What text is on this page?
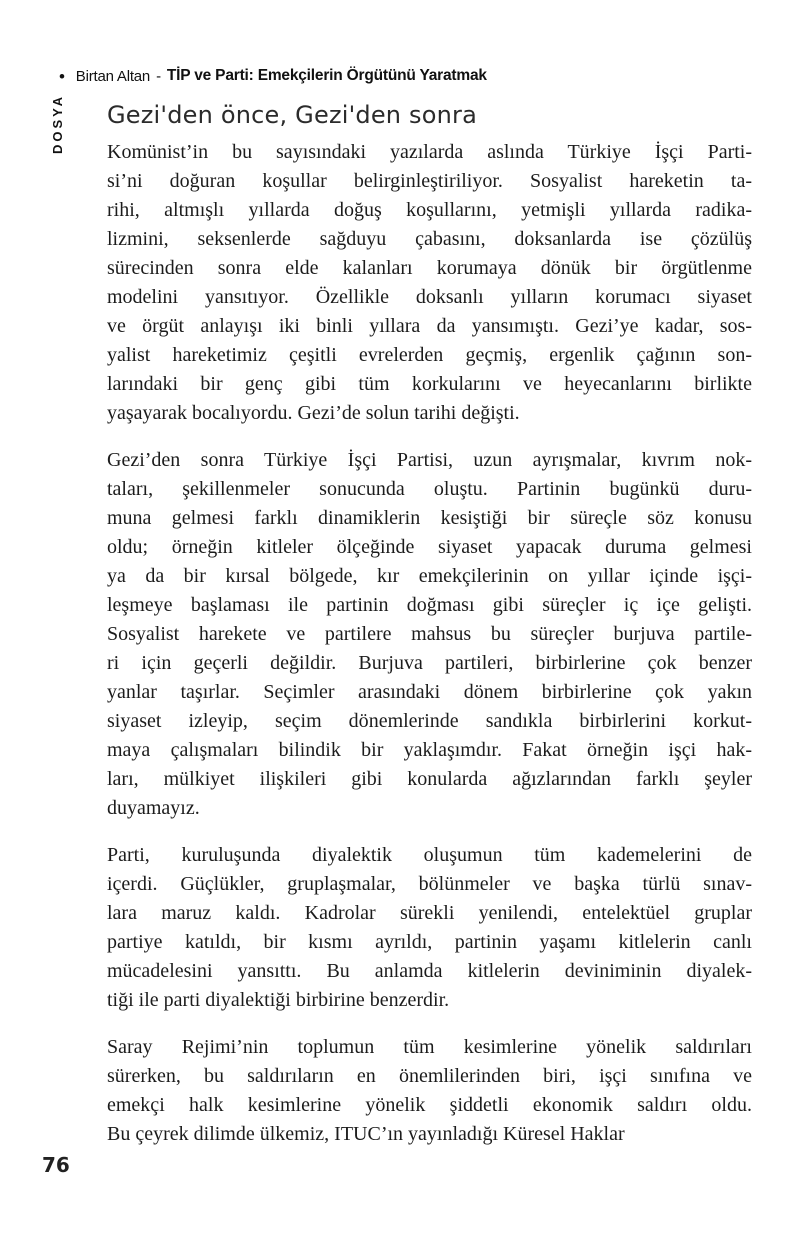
• Birtan Altan - TİP ve Parti: Emekçilerin Örgütünü Yaratmak
DOSYA Gezi'den önce, Gezi'den sonra
Komünist’in bu sayısındaki yazılarda aslında Türkiye İşçi Parti-
si’ni doğuran koşullar belirginleştiriliyor. Sosyalist hareketin ta-
rihi, altmışlı yıllarda doğuş koşullarını, yetmişli yıllarda radika-
lizmini, seksenlerde sağduyu çabasını, doksanlarda ise çözülüş
sürecinden sonra elde kalanları korumaya dönük bir örgütlenme
modelini yansıtıyor. Özellikle doksanlı yılların korumacı siyaset
ve örgüt anlayışı iki binli yıllara da yansımıştı. Gezi’ye kadar, sos-
yalist hareketimiz çeşitli evrelerden geçmiş, ergenlik çağının son-
larındaki bir genç gibi tüm korkularını ve heyecanlarını birlikte
yaşayarak bocalıyordu. Gezi’de solun tarihi değişti.
Gezi’den sonra Türkiye İşçi Partisi, uzun ayrışmalar, kıvrım nok-
taları, şekillenmeler sonucunda oluştu. Partinin bugünkü duru-
muna gelmesi farklı dinamiklerin kesiştiği bir süreçle söz konusu
oldu; örneğin kitleler ölçeğinde siyaset yapacak duruma gelmesi
ya da bir kırsal bölgede, kır emekçilerinin on yıllar içinde işçi-
leşmeye başlaması ile partinin doğması gibi süreçler iç içe gelişti.
Sosyalist harekete ve partilere mahsus bu süreçler burjuva partile-
ri için geçerli değildir. Burjuva partileri, birbirlerine çok benzer
yanlar taşırlar. Seçimler arasındaki dönem birbirlerine çok yakın
siyaset izleyip, seçim dönemlerinde sandıkla birbirlerini korkut-
maya çalışmaları bilindik bir yaklaşımdır. Fakat örneğin işçi hak-
ları, mülkiyet ilişkileri gibi konularda ağızlarından farklı şeyler
duyamayız.
Parti, kuruluşunda diyalektik oluşumun tüm kademelerini de
içerdi. Güçlükler, gruplaşmalar, bölünmeler ve başka türlü sınav-
lara maruz kaldı. Kadrolar sürekli yenilendi, entelektüel gruplar
partiye katıldı, bir kısmı ayrıldı, partinin yaşamı kitlelerin canlı
mücadelesini yansıttı. Bu anlamda kitlelerin deviniminin diyalek-
tiği ile parti diyalektiği birbirine benzerdir.
Saray Rejimi’nin toplumun tüm kesimlerine yönelik saldırıları
sürerken, bu saldırıların en önemlilerinden biri, işçi sınıfına ve
emekçi halk kesimlerine yönelik şiddetli ekonomik saldırı oldu.
Bu çeyrek dilimde ülkemiz, ITUC’ın yayınladığı Küresel Haklar
76
